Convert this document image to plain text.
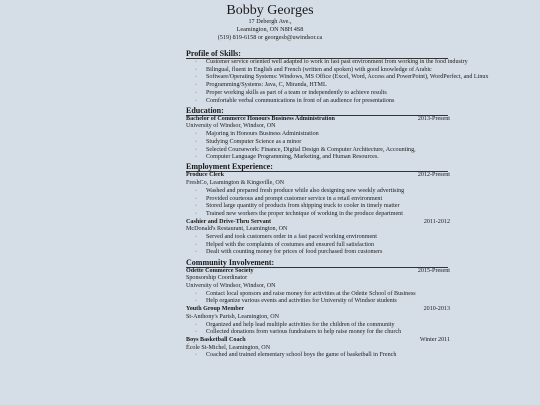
Bobby Georges
17 Debergh Ave.,
Leamington, ON N8H 4S8
(519) 819-6158 or georgesb@uwindsor.ca
Profile of Skills:
· Customer service oriented well adapted to work in fast past environment from working in the food industry
· Bilingual, fluent in English and French (written and spoken) with good knowledge of Arabic
· Software/Operating Systems: Windows, MS Office (Excel, Word, Access and PowerPoint), WordPerfect, and Linux
· Programming/Systems: Java, C, Miranda, HTML
· Proper working skills as part of a team or independently to achieve results
· Comfortable verbal communications in front of an audience for presentations
Education:
Bachelor of Commerce Honours Business Administration	2013-Present
University of Windsor, Windsor, ON
· Majoring in Honours Business Administration
· Studying Computer Science as a minor
· Selected Coursework: Finance, Digital Design & Computer Architecture, Accounting,
· Computer Language Programming, Marketing, and Human Resources.
Employment Experience:
Produce Clerk	2012-Present
FreshCo, Leamington & Kingsville, ON
· Washed and prepared fresh produce while also designing new weekly advertising
· Provided courteous and prompt customer service in a retail environment
· Stored large quantity of products from shipping truck to cooler in timely matter
· Trained new workers the proper technique of working in the produce department
Cashier and Drive-Thru Servant	2011-2012
McDonald's Restaurant, Leamington, ON
· Served and took customers order in a fast paced working environment
· Helped with the complaints of costumes and ensured full satisfaction
· Dealt with counting money for prices of food purchased from customers
Community Involvement:
Odette Commerce Society	2015-Present
Sponsorship Coordinator
University of Windsor, Windsor, ON
· Contact local sponsors and raise money for activities at the Odette School of Business
· Help organize various events and activities for University of Windsor students
Youth Group Member	2010-2013
St-Anthony's Parish, Leamington, ON
· Organized and help lead multiple activities for the children of the community
· Collected donations from various fundraisers to help raise money for the church
Boys Basketball Coach	Winter 2011
École St-Michel, Leamington, ON
· Coached and trained elementary school boys the game of basketball in French
